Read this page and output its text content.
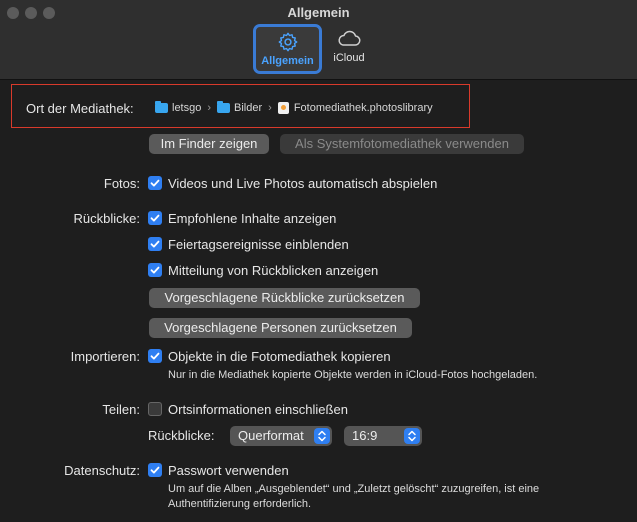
Allgemein
Allgemein	iCloud
Ort der Mediathek:	letsgo › Bilder › Fotomediathek.photoslibrary
Im Finder zeigen	Als Systemfotomediathek verwenden
Fotos: Videos und Live Photos automatisch abspielen
Rückblicke: Empfohlene Inhalte anzeigen
Feiertagsereignisse einblenden
Mitteilung von Rückblicken anzeigen
Vorgeschlagene Rückblicke zurücksetzen
Vorgeschlagene Personen zurücksetzen
Importieren: Objekte in die Fotomediathek kopieren
Nur in die Mediathek kopierte Objekte werden in iCloud-Fotos hochgeladen.
Teilen: Ortsinformationen einschließen
Rückblicke:	Querformat	16:9
Datenschutz: Passwort verwenden
Um auf die Alben „Ausgeblendet“ und „Zuletzt gelöscht“ zuzugreifen, ist eine Authentifizierung erforderlich.
